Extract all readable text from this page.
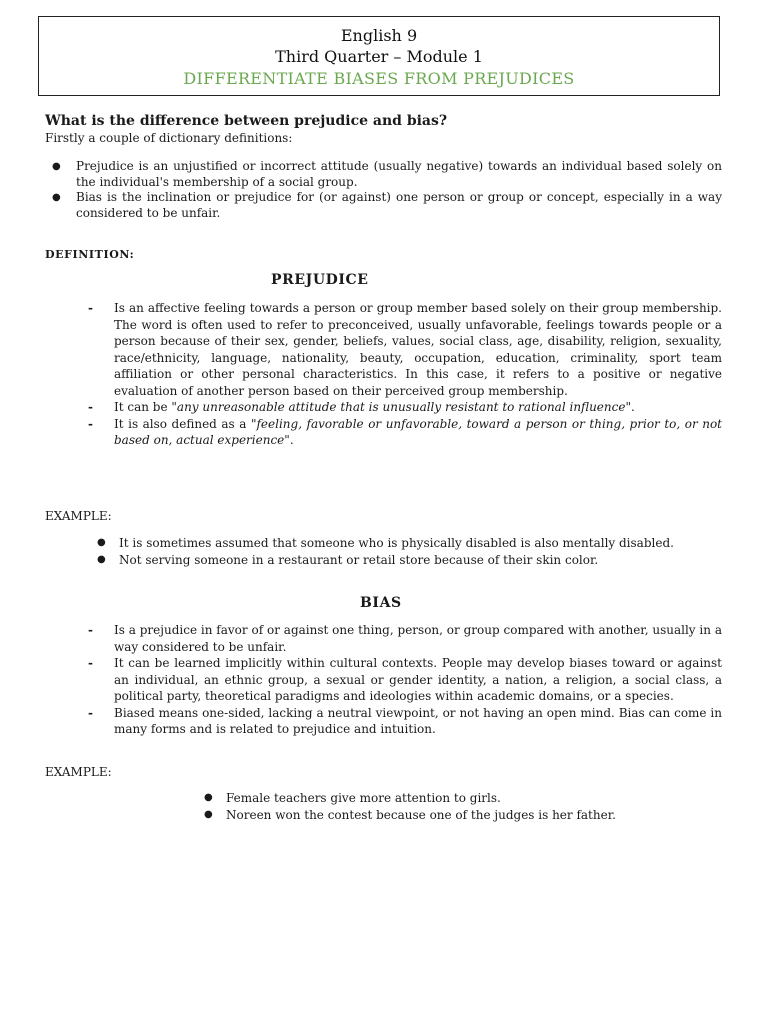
English 9
Third Quarter – Module 1
DIFFERENTIATE BIASES FROM PREJUDICES
What is the difference between prejudice and bias?
Firstly a couple of dictionary definitions:
● Prejudice is an unjustified or incorrect attitude (usually negative) towards an individual based solely on the individual's membership of a social group.
● Bias is the inclination or prejudice for (or against) one person or group or concept, especially in a way considered to be unfair.
DEFINITION:
PREJUDICE
- Is an affective feeling towards a person or group member based solely on their group membership. The word is often used to refer to preconceived, usually unfavorable, feelings towards people or a person because of their sex, gender, beliefs, values, social class, age, disability, religion, sexuality, race/ethnicity, language, nationality, beauty, occupation, education, criminality, sport team affiliation or other personal characteristics. In this case, it refers to a positive or negative evaluation of another person based on their perceived group membership.
- It can be "any unreasonable attitude that is unusually resistant to rational influence".
- It is also defined as a "feeling, favorable or unfavorable, toward a person or thing, prior to, or not based on, actual experience".
EXAMPLE:
● It is sometimes assumed that someone who is physically disabled is also mentally disabled.
● Not serving someone in a restaurant or retail store because of their skin color.
BIAS
- Is a prejudice in favor of or against one thing, person, or group compared with another, usually in a way considered to be unfair.
- It can be learned implicitly within cultural contexts. People may develop biases toward or against an individual, an ethnic group, a sexual or gender identity, a nation, a religion, a social class, a political party, theoretical paradigms and ideologies within academic domains, or a species.
- Biased means one-sided, lacking a neutral viewpoint, or not having an open mind. Bias can come in many forms and is related to prejudice and intuition.
EXAMPLE:
● Female teachers give more attention to girls.
● Noreen won the contest because one of the judges is her father.
